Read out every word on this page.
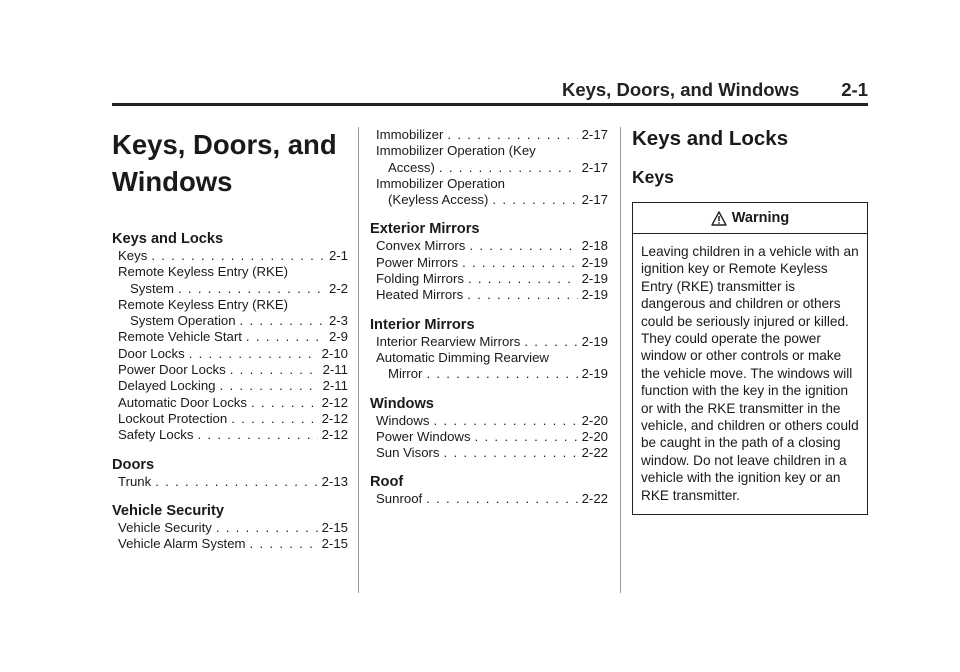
Keys, Doors, and Windows 2-1
Keys, Doors, and Windows
Keys and Locks
Keys . . .	2-1
Remote Keyless Entry (RKE)
System . . .	2-2
Remote Keyless Entry (RKE)
System Operation . . .	2-3
Remote Vehicle Start . . .	2-9
Door Locks . . .	2-10
Power Door Locks . . .	2-11
Delayed Locking . . .	2-11
Automatic Door Locks . . .	2-12
Lockout Protection . . .	2-12
Safety Locks . . .	2-12
Doors
Trunk . . .	2-13
Vehicle Security
Vehicle Security . . .	2-15
Vehicle Alarm System . . .	2-15
Immobilizer . . .	2-17
Immobilizer Operation (Key
Access) . . .	2-17
Immobilizer Operation
(Keyless Access) . . .	2-17
Exterior Mirrors
Convex Mirrors . . .	2-18
Power Mirrors . . .	2-19
Folding Mirrors . . .	2-19
Heated Mirrors . . .	2-19
Interior Mirrors
Interior Rearview Mirrors . . .	2-19
Automatic Dimming Rearview
Mirror . . .	2-19
Windows
Windows . . .	2-20
Power Windows . . .	2-20
Sun Visors . . .	2-22
Roof
Sunroof . . .	2-22
Keys and Locks
Keys
Warning
Leaving children in a vehicle with an ignition key or Remote Keyless Entry (RKE) transmitter is dangerous and children or others could be seriously injured or killed. They could operate the power window or other controls or make the vehicle move. The windows will function with the key in the ignition or with the RKE transmitter in the vehicle, and children or others could be caught in the path of a closing window. Do not leave children in a vehicle with the ignition key or an RKE transmitter.
